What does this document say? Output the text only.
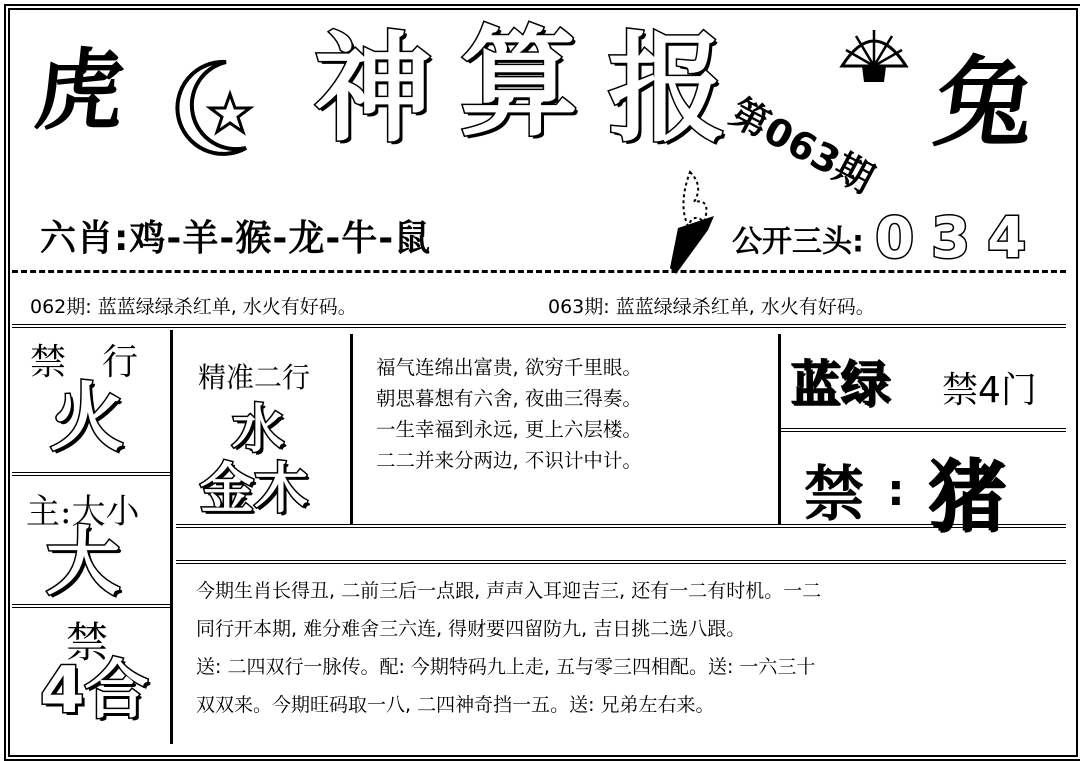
虎 神 算 报
第063期 兔
六肖:鸡-羊-猴-龙-牛-鼠	公开三头: 0 3 4
062期: 蓝蓝绿绿杀红单, 水火有好码。	063期: 蓝蓝绿绿杀红单, 水火有好码。
禁 行
火
主:大小
大
禁
4合
精准二行
水
金木

福气连绵出富贵, 欲穷千里眼。

朝思暮想有六舍, 夜曲三得奏。

一生幸福到永远, 更上六层楼。

二二并来分两边, 不识计中计。

蓝绿 禁4门
禁 : 猪
今期生肖长得丑, 二前三后一点跟, 声声入耳迎吉三, 还有一二有时机。一二
同行开本期, 难分难舍三六连, 得财要四留防九, 吉日挑二选八跟。
送: 二四双行一脉传。配: 今期特码九上走, 五与零三四相配。送: 一六三十
双双来。今期旺码取一八, 二四神奇挡一五。送: 兄弟左右来。
